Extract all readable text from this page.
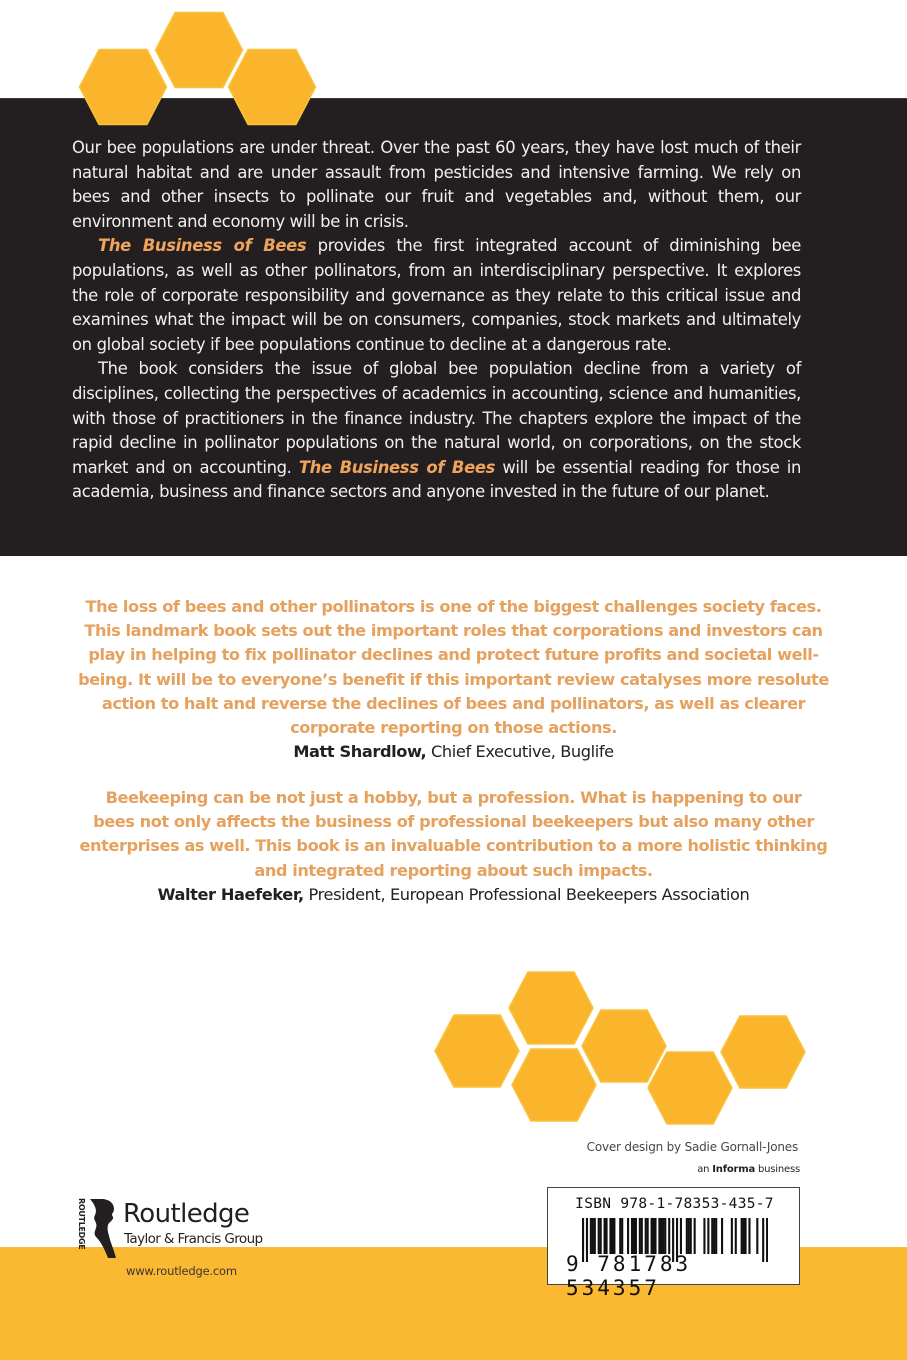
Our bee populations are under threat. Over the past 60 years, they have lost much of their natural habitat and are under assault from pesticides and intensive farming. We rely on bees and other insects to pollinate our fruit and vegetables and, without them, our environment and economy will be in crisis.

The Business of Bees provides the first integrated account of diminishing bee populations, as well as other pollinators, from an interdisciplinary perspective. It explores the role of corporate responsibility and governance as they relate to this critical issue and examines what the impact will be on consumers, companies, stock markets and ultimately on global society if bee populations continue to decline at a dangerous rate.

The book considers the issue of global bee population decline from a variety of disciplines, collecting the perspectives of academics in accounting, science and humanities, with those of practitioners in the finance industry. The chapters explore the impact of the rapid decline in pollinator populations on the natural world, on corporations, on the stock market and on accounting. The Business of Bees will be essential reading for those in academia, business and finance sectors and anyone invested in the future of our planet.

The loss of bees and other pollinators is one of the biggest challenges society faces.

This landmark book sets out the important roles that corporations and investors can

play in helping to fix pollinator declines and protect future profits and societal well-

being. It will be to everyone’s benefit if this important review catalyses more resolute

action to halt and reverse the declines of bees and pollinators, as well as clearer

corporate reporting on those actions.

Matt Shardlow, Chief Executive, Buglife

Beekeeping can be not just a hobby, but a profession. What is happening to our

bees not only affects the business of professional beekeepers but also many other

enterprises as well. This book is an invaluable contribution to a more holistic thinking

and integrated reporting about such impacts.

Walter Haefeker, President, European Professional Beekeepers Association

Cover design by Sadie Gornall-Jones
an Informa business
ISBN 978-1-78353-435-7
9 781783 534357
ROUTLEDGE Routledge
Taylor & Francis Group
www.routledge.com
